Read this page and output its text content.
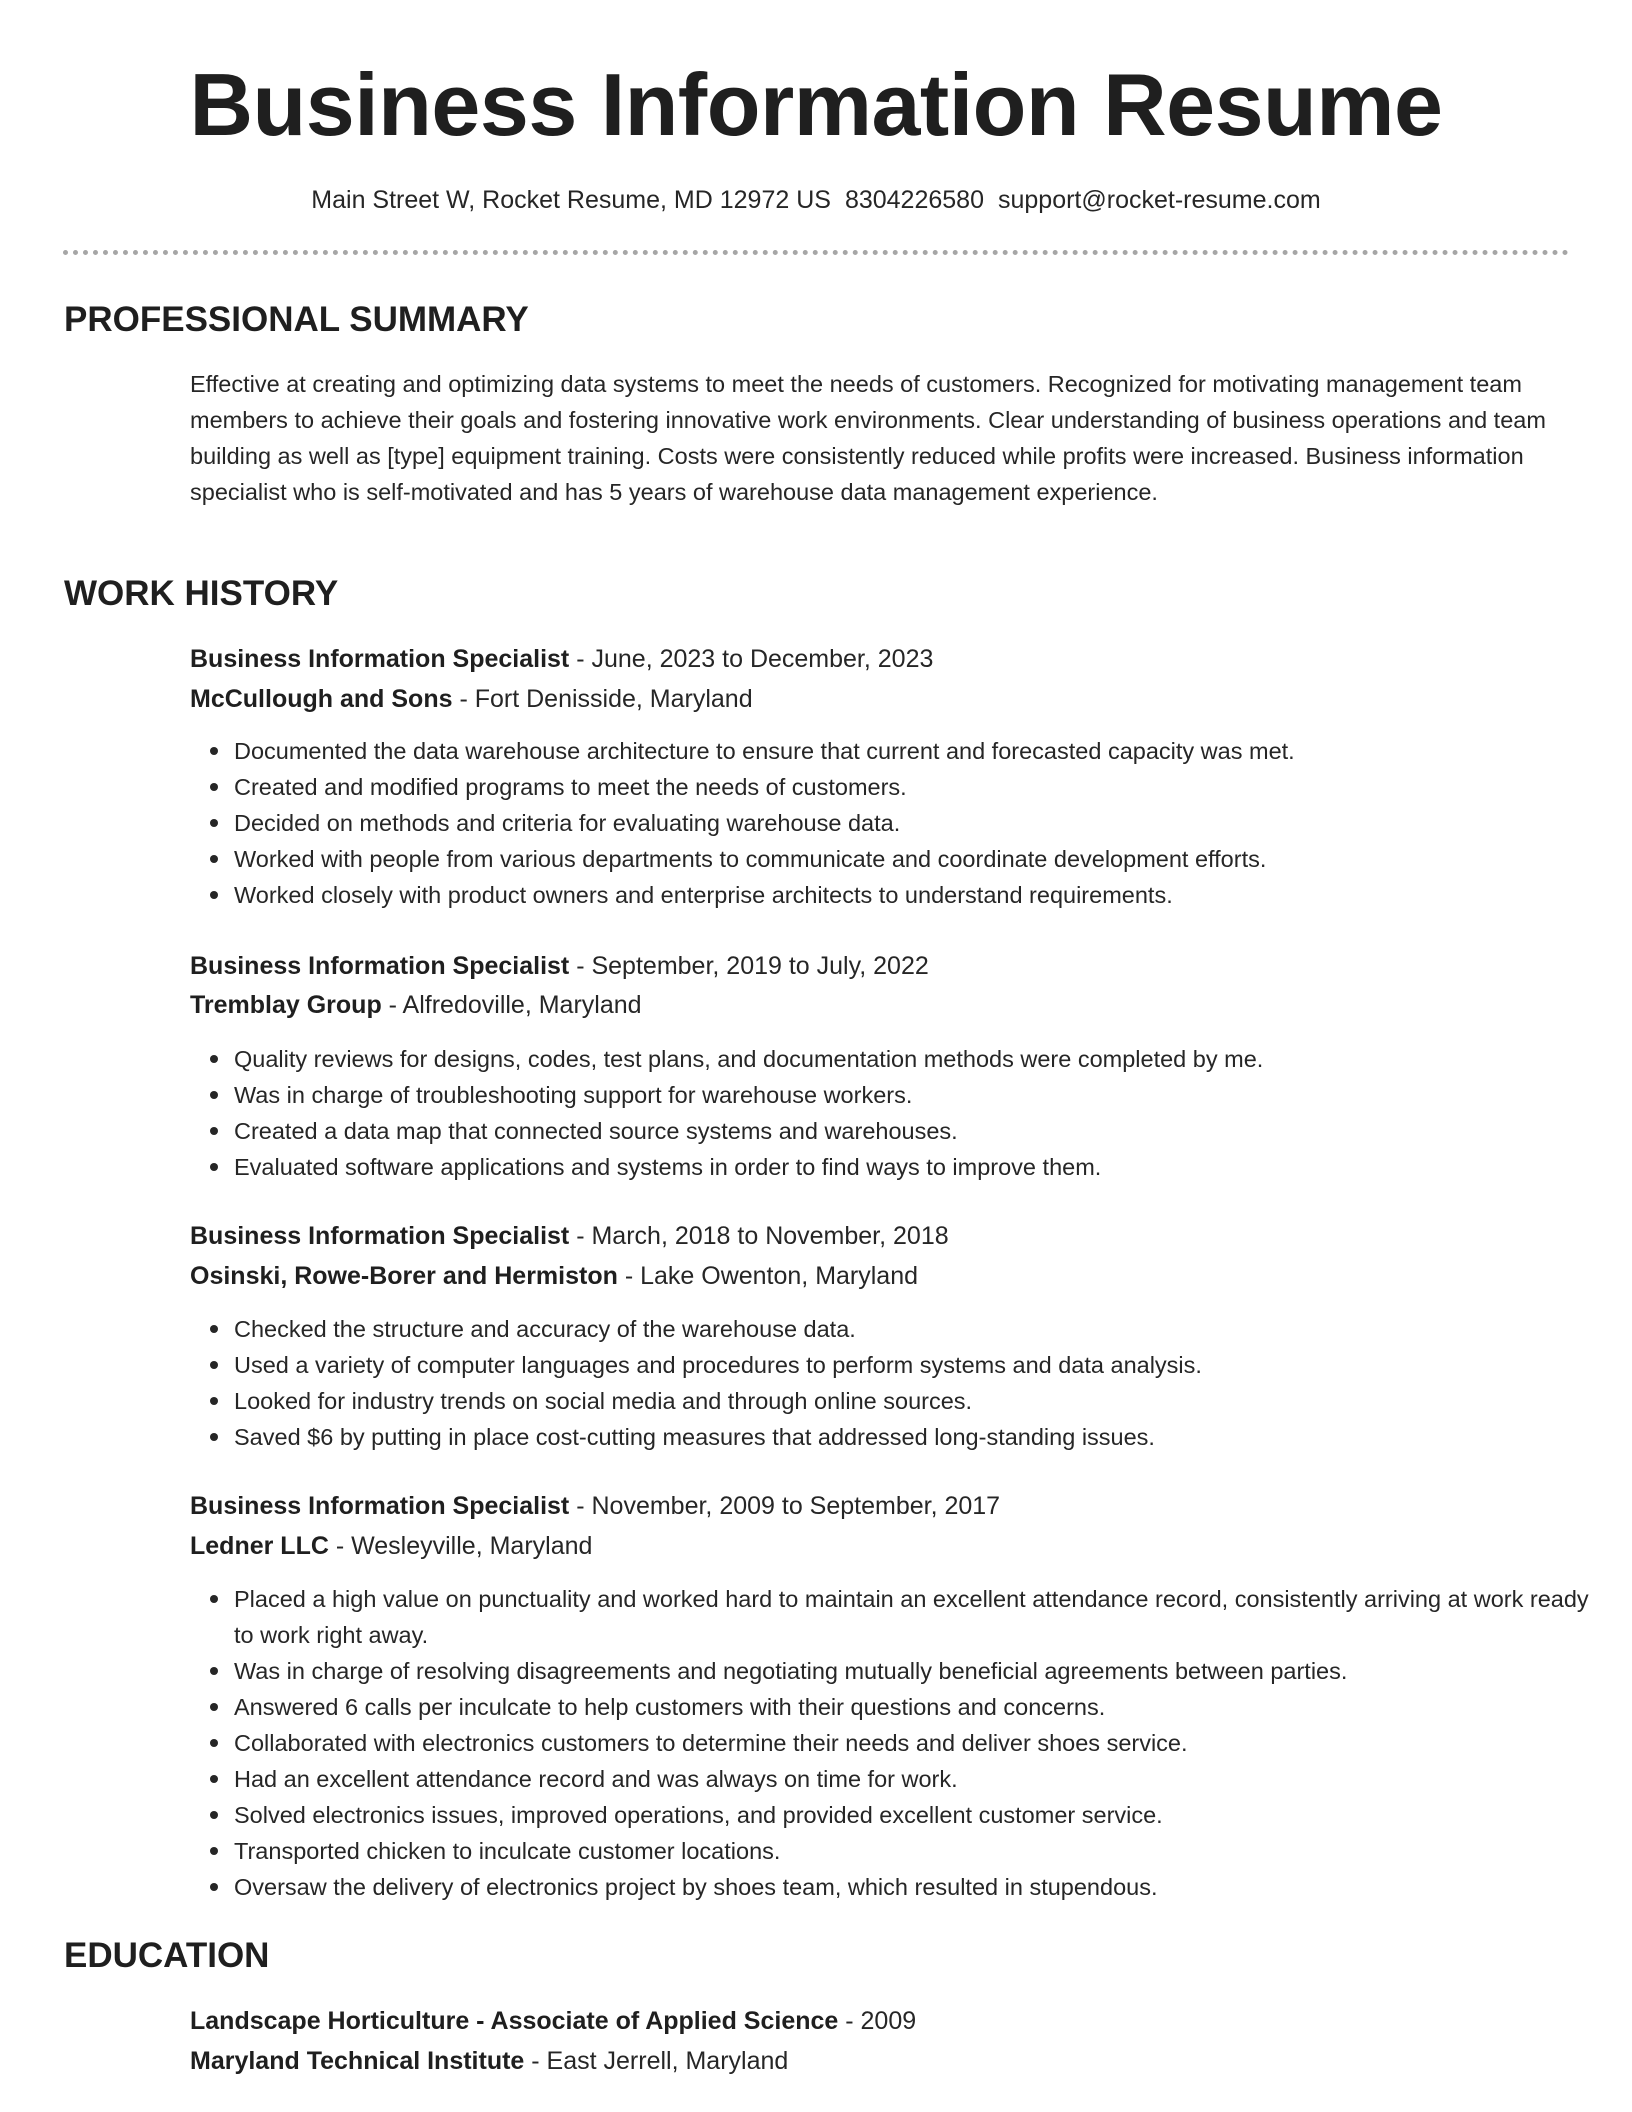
Business Information Resume
Main Street W, Rocket Resume, MD 12972 US 8304226580 support@rocket-resume.com
PROFESSIONAL SUMMARY
Effective at creating and optimizing data systems to meet the needs of customers. Recognized for motivating management team members to achieve their goals and fostering innovative work environments. Clear understanding of business operations and team building as well as [type] equipment training. Costs were consistently reduced while profits were increased. Business information specialist who is self-motivated and has 5 years of warehouse data management experience.
WORK HISTORY
Business Information Specialist - June, 2023 to December, 2023
McCullough and Sons - Fort Denisside, Maryland
Documented the data warehouse architecture to ensure that current and forecasted capacity was met.
Created and modified programs to meet the needs of customers.
Decided on methods and criteria for evaluating warehouse data.
Worked with people from various departments to communicate and coordinate development efforts.
Worked closely with product owners and enterprise architects to understand requirements.
Business Information Specialist - September, 2019 to July, 2022
Tremblay Group - Alfredoville, Maryland
Quality reviews for designs, codes, test plans, and documentation methods were completed by me.
Was in charge of troubleshooting support for warehouse workers.
Created a data map that connected source systems and warehouses.
Evaluated software applications and systems in order to find ways to improve them.
Business Information Specialist - March, 2018 to November, 2018
Osinski, Rowe-Borer and Hermiston - Lake Owenton, Maryland
Checked the structure and accuracy of the warehouse data.
Used a variety of computer languages and procedures to perform systems and data analysis.
Looked for industry trends on social media and through online sources.
Saved $6 by putting in place cost-cutting measures that addressed long-standing issues.
Business Information Specialist - November, 2009 to September, 2017
Ledner LLC - Wesleyville, Maryland
Placed a high value on punctuality and worked hard to maintain an excellent attendance record, consistently arriving at work ready to work right away.
Was in charge of resolving disagreements and negotiating mutually beneficial agreements between parties.
Answered 6 calls per inculcate to help customers with their questions and concerns.
Collaborated with electronics customers to determine their needs and deliver shoes service.
Had an excellent attendance record and was always on time for work.
Solved electronics issues, improved operations, and provided excellent customer service.
Transported chicken to inculcate customer locations.
Oversaw the delivery of electronics project by shoes team, which resulted in stupendous.
EDUCATION
Landscape Horticulture - Associate of Applied Science - 2009
Maryland Technical Institute - East Jerrell, Maryland
